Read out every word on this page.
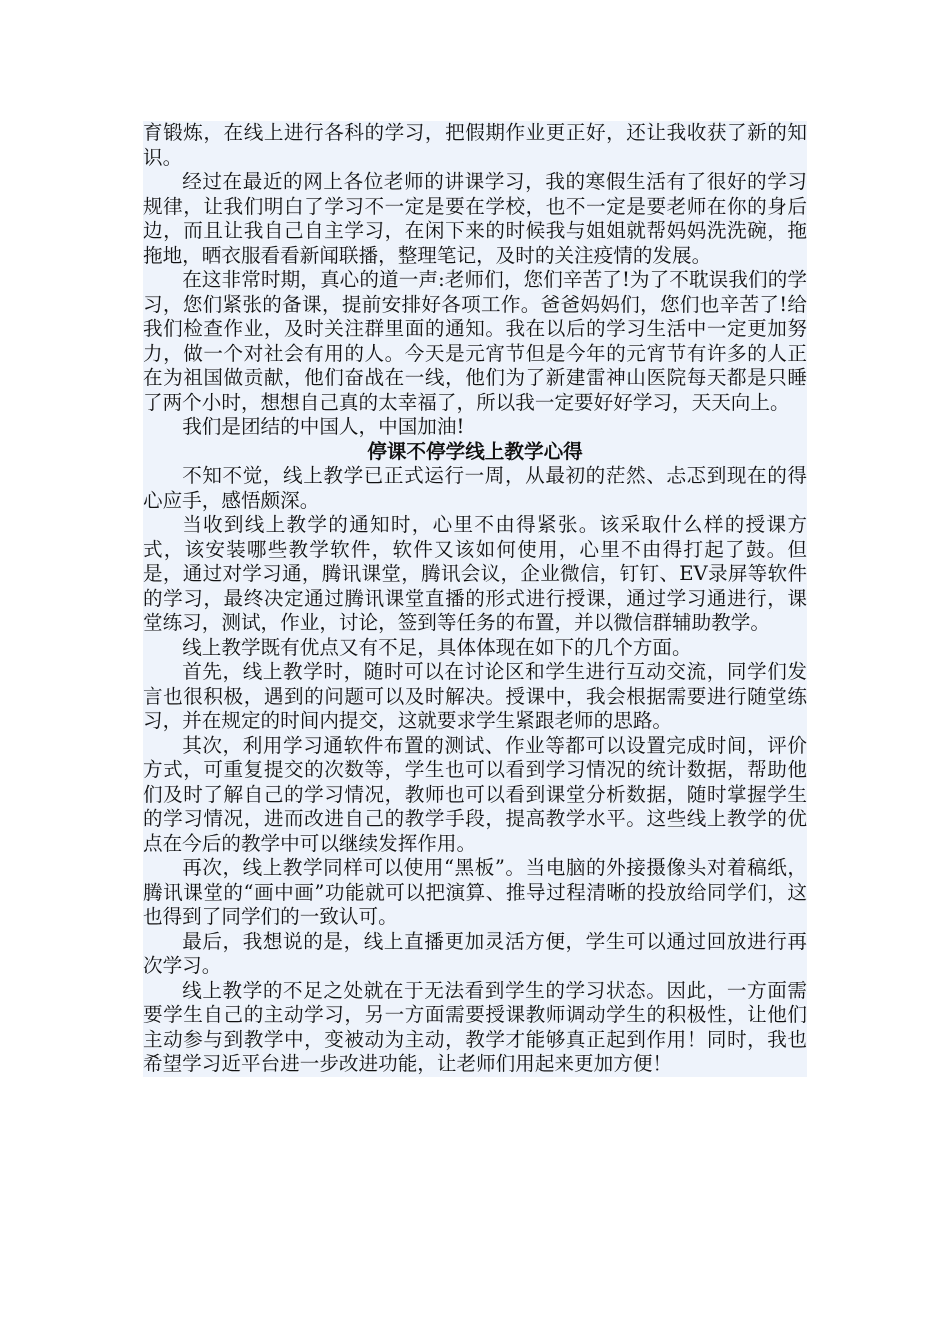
育锻炼，在线上进行各科的学习，把假期作业更正好，还让我收获了新的知识。

经过在最近的网上各位老师的讲课学习，我的寒假生活有了很好的学习规律，让我们明白了学习不一定是要在学校，也不一定是要老师在你的身后边，而且让我自己自主学习，在闲下来的时候我与姐姐就帮妈妈洗洗碗，拖拖地，晒衣服看看新闻联播，整理笔记，及时的关注疫情的发展。

在这非常时期，真心的道一声:老师们，您们辛苦了!为了不耽误我们的学习，您们紧张的备课，提前安排好各项工作。爸爸妈妈们，您们也辛苦了!给我们检查作业，及时关注群里面的通知。我在以后的学习生活中一定更加努力，做一个对社会有用的人。今天是元宵节但是今年的元宵节有许多的人正在为祖国做贡献，他们奋战在一线，他们为了新建雷神山医院每天都是只睡了两个小时，想想自己真的太幸福了，所以我一定要好好学习，天天向上。

我们是团结的中国人，中国加油!

停课不停学线上教学心得

不知不觉，线上教学已正式运行一周，从最初的茫然、忐忑到现在的得心应手，感悟颇深。

当收到线上教学的通知时，心里不由得紧张。该采取什么样的授课方式，该安装哪些教学软件，软件又该如何使用，心里不由得打起了鼓。但是，通过对学习通，腾讯课堂，腾讯会议，企业微信，钉钉、EV录屏等软件的学习，最终决定通过腾讯课堂直播的形式进行授课，通过学习通进行，课堂练习，测试，作业，讨论，签到等任务的布置，并以微信群辅助教学。

线上教学既有优点又有不足，具体体现在如下的几个方面。

首先，线上教学时，随时可以在讨论区和学生进行互动交流，同学们发言也很积极，遇到的问题可以及时解决。授课中，我会根据需要进行随堂练习，并在规定的时间内提交，这就要求学生紧跟老师的思路。

其次，利用学习通软件布置的测试、作业等都可以设置完成时间，评价方式，可重复提交的次数等，学生也可以看到学习情况的统计数据，帮助他们及时了解自己的学习情况，教师也可以看到课堂分析数据，随时掌握学生的学习情况，进而改进自己的教学手段，提高教学水平。这些线上教学的优点在今后的教学中可以继续发挥作用。

再次，线上教学同样可以使用“黑板”。当电脑的外接摄像头对着稿纸，腾讯课堂的“画中画”功能就可以把演算、推导过程清晰的投放给同学们，这也得到了同学们的一致认可。

最后，我想说的是，线上直播更加灵活方便，学生可以通过回放进行再次学习。

线上教学的不足之处就在于无法看到学生的学习状态。因此，一方面需要学生自己的主动学习，另一方面需要授课教师调动学生的积极性，让他们主动参与到教学中，变被动为主动，教学才能够真正起到作用！同时，我也希望学习近平台进一步改进功能，让老师们用起来更加方便！
